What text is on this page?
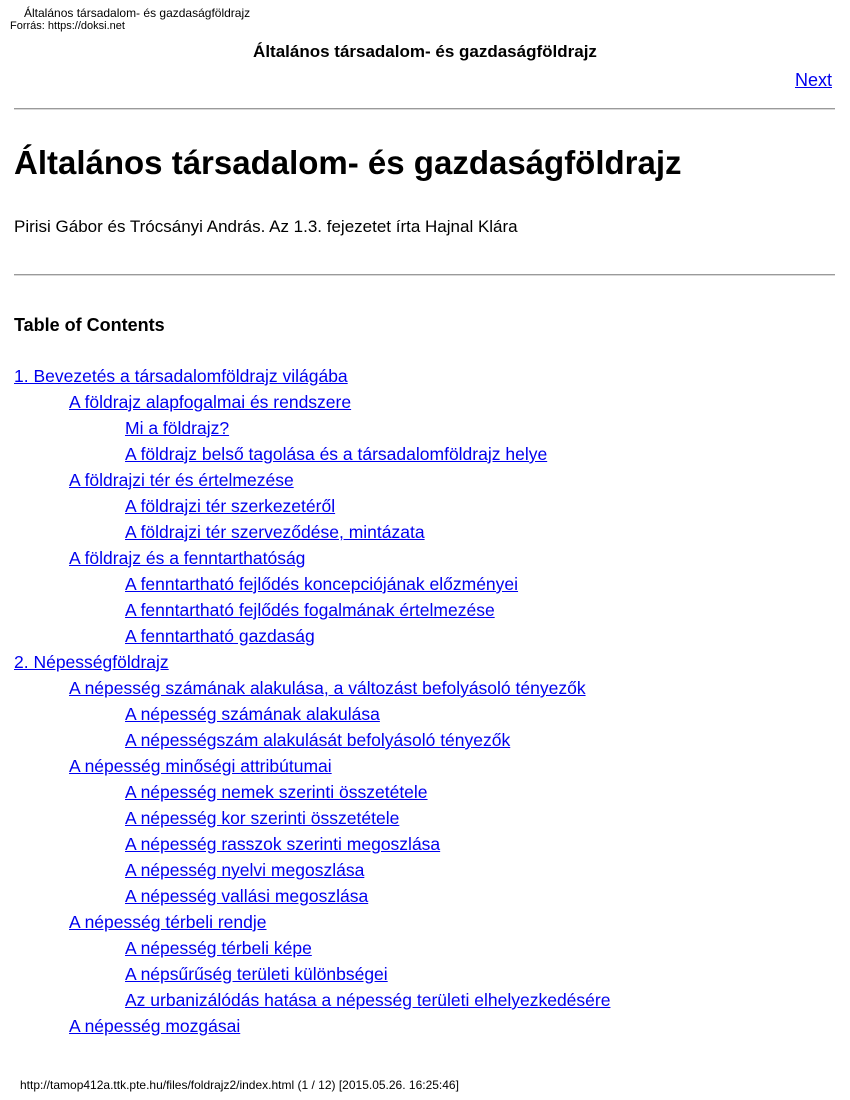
Általános társadalom- és gazdaságföldrajz
Forrás: https://doksi.net
Általános társadalom- és gazdaságföldrajz
Next
Általános társadalom- és gazdaságföldrajz
Pirisi Gábor és Trócsányi András. Az 1.3. fejezetet írta Hajnal Klára
Table of Contents
1. Bevezetés a társadalomföldrajz világába
A földrajz alapfogalmai és rendszere
Mi a földrajz?
A földrajz belső tagolása és a társadalomföldrajz helye
A földrajzi tér és értelmezése
A földrajzi tér szerkezetéről
A földrajzi tér szerveződése, mintázata
A földrajz és a fenntarthatóság
A fenntartható fejlődés koncepciójának előzményei
A fenntartható fejlődés fogalmának értelmezése
A fenntartható gazdaság
2. Népességföldrajz
A népesség számának alakulása, a változást befolyásoló tényezők
A népesség számának alakulása
A népességszám alakulását befolyásoló tényezők
A népesség minőségi attribútumai
A népesség nemek szerinti összetétele
A népesség kor szerinti összetétele
A népesség rasszok szerinti megoszlása
A népesség nyelvi megoszlása
A népesség vallási megoszlása
A népesség térbeli rendje
A népesség térbeli képe
A népsűrűség területi különbségei
Az urbanizálódás hatása a népesség területi elhelyezkedésére
A népesség mozgásai
http://tamop412a.ttk.pte.hu/files/foldrajz2/index.html (1 / 12) [2015.05.26. 16:25:46]
